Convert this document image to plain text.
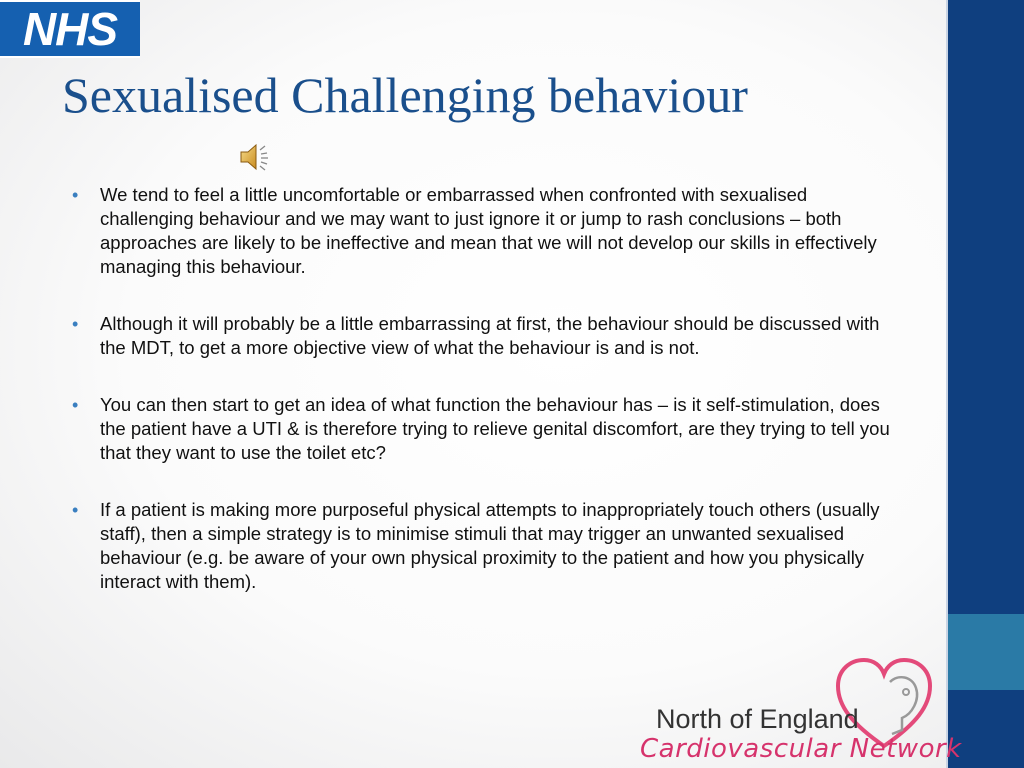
NHS
Sexualised Challenging behaviour
• We tend to feel a little uncomfortable or embarrassed when confronted with sexualised challenging behaviour and we may want to just ignore it or jump to rash conclusions – both approaches are likely to be ineffective and mean that we will not develop our skills in effectively managing this behaviour.
• Although it will probably be a little embarrassing at first, the behaviour should be discussed with the MDT, to get a more objective view of what the behaviour is and is not.
• You can then start to get an idea of what function the behaviour has – is it self-stimulation, does the patient have a UTI & is therefore trying to relieve genital discomfort, are they trying to tell you that they want to use the toilet etc?
• If a patient is making more purposeful physical attempts to inappropriately touch others (usually staff), then a simple strategy is to minimise stimuli that may trigger an unwanted sexualised behaviour (e.g. be aware of your own physical proximity to the patient and how you physically interact with them).
North of England
Cardiovascular Network
